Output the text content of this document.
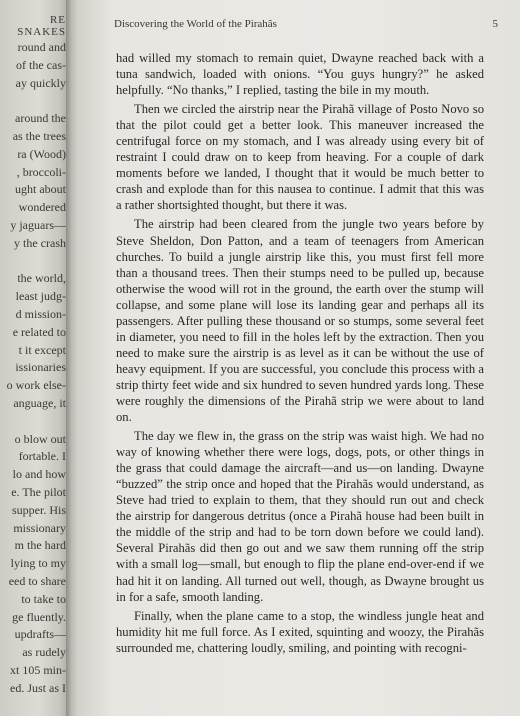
RE SNAKES
round and
of the cas-
ay quickly
around the
as the trees
ra (Wood)
, broccoli-
ught about
wondered
y jaguars—
y the crash
the world,
least judg-
d mission-
e related to
t it except
issionaries
o work else-
anguage, it
o blow out
fortable. I
lo and how
e. The pilot
supper. His
missionary
m the hard
lying to my
eed to share
to take to
ge fluently.
updrafts—
as rudely
xt 105 min-
ed. Just as I
Discovering the World of the Pirahãs	5

had willed my stomach to remain quiet, Dwayne reached back with a tuna sandwich, loaded with onions. “You guys hungry?” he asked helpfully. “No thanks,” I replied, tasting the bile in my mouth.

Then we circled the airstrip near the Pirahã village of Posto Novo so that the pilot could get a better look. This maneuver increased the centrifugal force on my stomach, and I was already using every bit of restraint I could draw on to keep from heaving. For a couple of dark moments before we landed, I thought that it would be much better to crash and explode than for this nausea to continue. I admit that this was a rather shortsighted thought, but there it was.

The airstrip had been cleared from the jungle two years before by Steve Sheldon, Don Patton, and a team of teenagers from American churches. To build a jungle airstrip like this, you must first fell more than a thousand trees. Then their stumps need to be pulled up, because otherwise the wood will rot in the ground, the earth over the stump will collapse, and some plane will lose its landing gear and perhaps all its passengers. After pulling these thousand or so stumps, some several feet in diameter, you need to fill in the holes left by the extraction. Then you need to make sure the airstrip is as level as it can be without the use of heavy equipment. If you are successful, you conclude this process with a strip thirty feet wide and six hundred to seven hundred yards long. These were roughly the dimensions of the Pirahã strip we were about to land on.

The day we flew in, the grass on the strip was waist high. We had no way of knowing whether there were logs, dogs, pots, or other things in the grass that could damage the aircraft—and us—on landing. Dwayne “buzzed” the strip once and hoped that the Pirahãs would understand, as Steve had tried to explain to them, that they should run out and check the airstrip for dangerous detritus (once a Pirahã house had been built in the middle of the strip and had to be torn down before we could land). Several Pirahãs did then go out and we saw them running off the strip with a small log—small, but enough to flip the plane end-over-end if we had hit it on landing. All turned out well, though, as Dwayne brought us in for a safe, smooth landing.

Finally, when the plane came to a stop, the windless jungle heat and humidity hit me full force. As I exited, squinting and woozy, the Pirahãs surrounded me, chattering loudly, smiling, and pointing with recogni-
